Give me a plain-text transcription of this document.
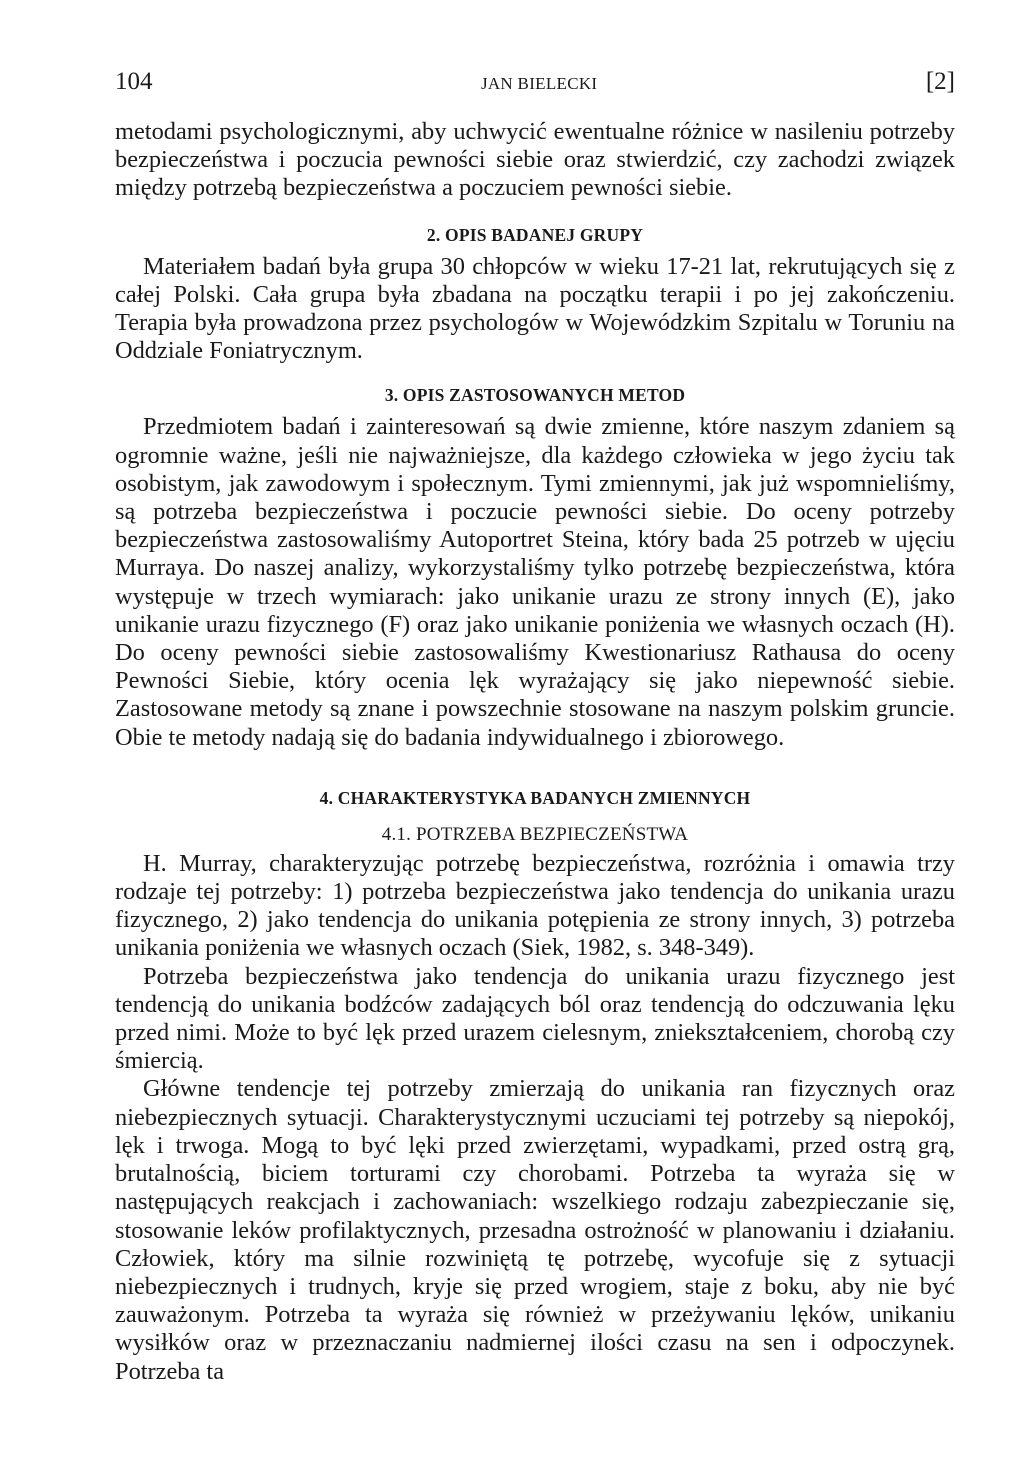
104	JAN BIELECKI	[2]

metodami psychologicznymi, aby uchwycić ewentualne różnice w nasileniu potrzeby bezpieczeństwa i poczucia pewności siebie oraz stwierdzić, czy zachodzi związek między potrzebą bezpieczeństwa a poczuciem pewności siebie.

2. OPIS BADANEJ GRUPY

Materiałem badań była grupa 30 chłopców w wieku 17-21 lat, rekrutujących się z całej Polski. Cała grupa była zbadana na początku terapii i po jej zakończeniu. Terapia była prowadzona przez psychologów w Wojewódzkim Szpitalu w Toruniu na Oddziale Foniatrycznym.

3. OPIS ZASTOSOWANYCH METOD

Przedmiotem badań i zainteresowań są dwie zmienne, które naszym zdaniem są ogromnie ważne, jeśli nie najważniejsze, dla każdego człowieka w jego życiu tak osobistym, jak zawodowym i społecznym. Tymi zmiennymi, jak już wspomnieliśmy, są potrzeba bezpieczeństwa i poczucie pewności siebie. Do oceny potrzeby bezpieczeństwa zastosowaliśmy Autoportret Steina, który bada 25 potrzeb w ujęciu Murraya. Do naszej analizy, wykorzystaliśmy tylko potrzebę bezpieczeństwa, która występuje w trzech wymiarach: jako unikanie urazu ze strony innych (E), jako unikanie urazu fizycznego (F) oraz jako unikanie poniżenia we własnych oczach (H). Do oceny pewności siebie zastosowaliśmy Kwestionariusz Rathausa do oceny Pewności Siebie, który ocenia lęk wyrażający się jako niepewność siebie. Zastosowane metody są znane i powszechnie stosowane na naszym polskim gruncie. Obie te metody nadają się do badania indywidualnego i zbiorowego.

4. CHARAKTERYSTYKA BADANYCH ZMIENNYCH
4.1. POTRZEBA BEZPIECZEŃSTWA

H. Murray, charakteryzując potrzebę bezpieczeństwa, rozróżnia i omawia trzy rodzaje tej potrzeby: 1) potrzeba bezpieczeństwa jako tendencja do unikania urazu fizycznego, 2) jako tendencja do unikania potępienia ze strony innych, 3) potrzeba unikania poniżenia we własnych oczach (Siek, 1982, s. 348-349).

Potrzeba bezpieczeństwa jako tendencja do unikania urazu fizycznego jest tendencją do unikania bodźców zadających ból oraz tendencją do odczuwania lęku przed nimi. Może to być lęk przed urazem cielesnym, zniekształceniem, chorobą czy śmiercią.

Główne tendencje tej potrzeby zmierzają do unikania ran fizycznych oraz niebezpiecznych sytuacji. Charakterystycznymi uczuciami tej potrzeby są niepokój, lęk i trwoga. Mogą to być lęki przed zwierzętami, wypadkami, przed ostrą grą, brutalnością, biciem torturami czy chorobami. Potrzeba ta wyraża się w następujących reakcjach i zachowaniach: wszelkiego rodzaju zabezpieczanie się, stosowanie leków profilaktycznych, przesadna ostrożność w planowaniu i działaniu. Człowiek, który ma silnie rozwiniętą tę potrzebę, wycofuje się z sytuacji niebezpiecznych i trudnych, kryje się przed wrogiem, staje z boku, aby nie być zauważonym. Potrzeba ta wyraża się również w przeżywaniu lęków, unikaniu wysiłków oraz w przeznaczaniu nadmiernej ilości czasu na sen i odpoczynek. Potrzeba ta
